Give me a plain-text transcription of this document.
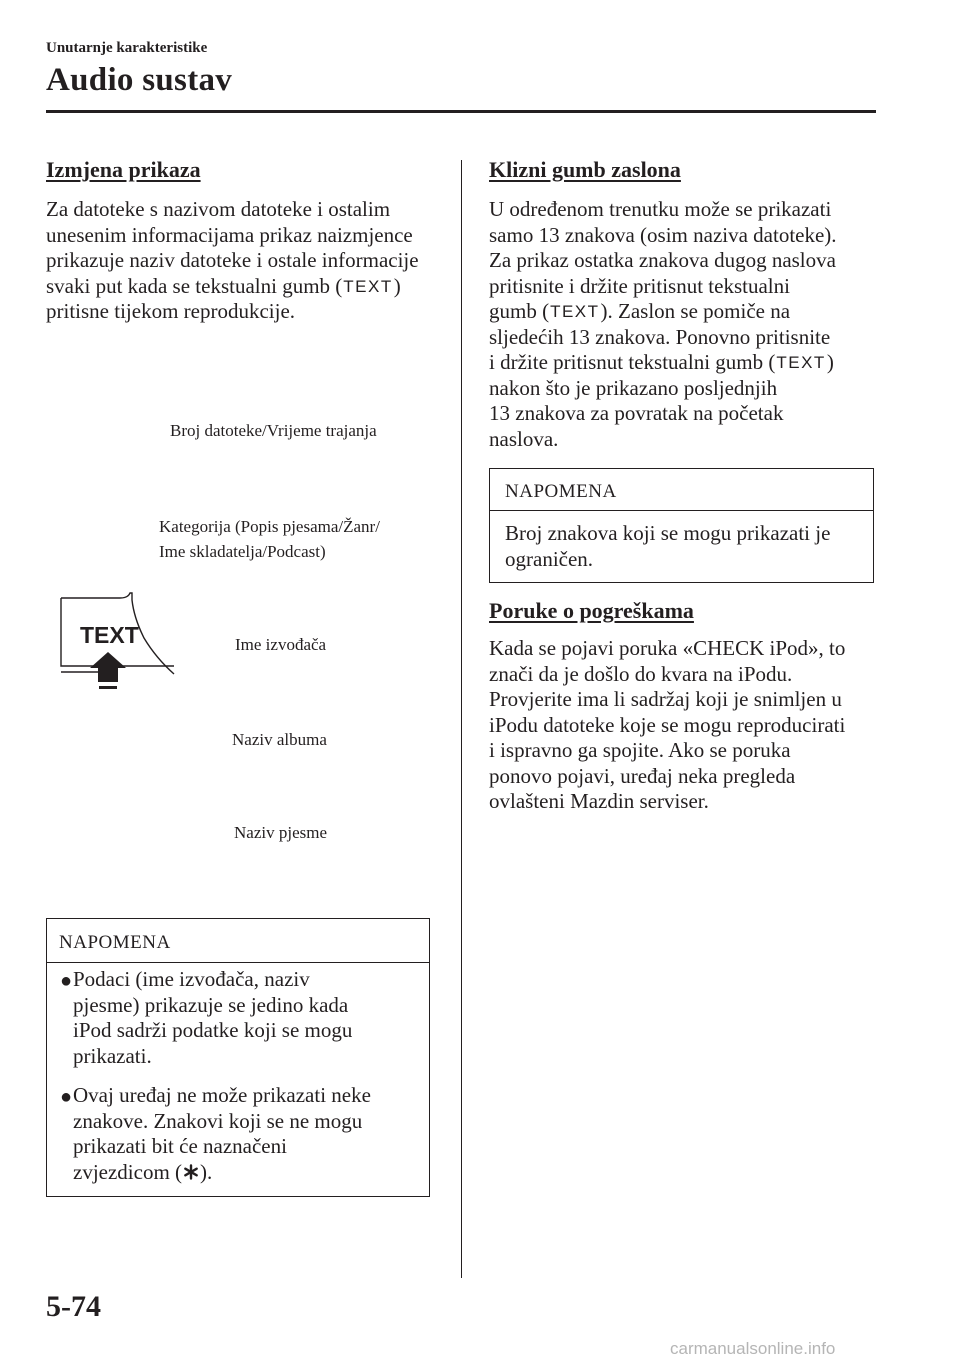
Unutarnje karakteristike
Audio sustav
Izmjena prikaza
Za datoteke s nazivom datoteke i ostalim unesenim informacijama prikaz naizmjence prikazuje naziv datoteke i ostale informacije svaki put kada se tekstualni gumb (TEXT) pritisne tijekom reprodukcije.
Broj datoteke/Vrijeme trajanja
Kategorija (Popis pjesama/Žanr/
Ime skladatelja/Podcast)
Ime izvođača
Naziv albuma
Naziv pjesme
TEXT
NAPOMENA
● Podaci (ime izvođača, naziv
pjesme) prikazuje se jedino kada
iPod sadrži podatke koji se mogu
prikazati.
● Ovaj uređaj ne može prikazati neke
znakove. Znakovi koji se ne mogu
prikazati bit će naznačeni
zvjezdicom ( ).
Klizni gumb zaslona
U određenom trenutku može se prikazati
samo 13 znakova (osim naziva datoteke).
Za prikaz ostatka znakova dugog naslova
pritisnite i držite pritisnut tekstualni
gumb (TEXT). Zaslon se pomiče na
sljedećih 13 znakova. Ponovno pritisnite
i držite pritisnut tekstualni gumb (TEXT)
nakon što je prikazano posljednjih
13 znakova za povratak na početak
naslova.
NAPOMENA
Broj znakova koji se mogu prikazati je
ograničen.
Poruke o pogreškama
Kada se pojavi poruka «CHECK iPod», to
znači da je došlo do kvara na iPodu.
Provjerite ima li sadržaj koji je snimljen u
iPodu datoteke koje se mogu reproducirati
i ispravno ga spojite. Ako se poruka
ponovo pojavi, uređaj neka pregleda
ovlašteni Mazdin serviser.
5-74
carmanualsonline.info
